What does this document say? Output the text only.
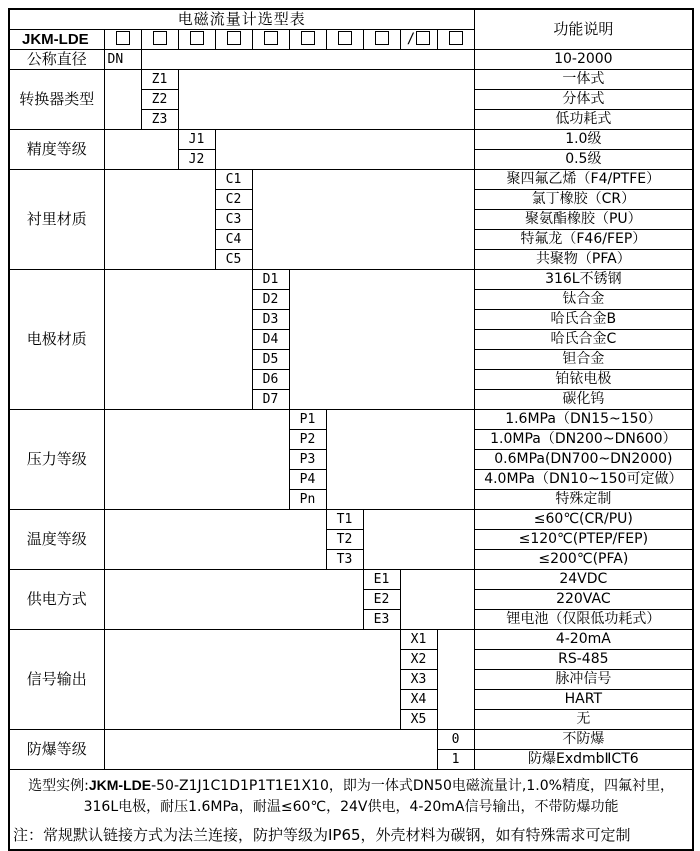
电磁流量计选型表											功能说明
JKM-LDE									/		
公称直径	DN										10-2000
转换器类型		Z1									一体式
		Z2									分体式
		Z3									低功耗式
精度等级			J1								1.0级
			J2								0.5级
衬里材质				C1							聚四氟乙烯（F4/PTFE）
				C2							氯丁橡胶（CR）
				C3							聚氨酯橡胶（PU）
				C4							特氟龙（F46/FEP）
				C5							共聚物（PFA）
电极材质					D1						316L不锈钢
					D2						钛合金
					D3						哈氏合金B
					D4						哈氏合金C
					D5						钽合金
					D6						铂铱电极
					D7						碳化钨
压力等级						P1					1.6MPa（DN15~150）
						P2					1.0MPa（DN200~DN600）
						P3					0.6MPa(DN700~DN2000)
						P4					4.0MPa（DN10~150可定做）
						Pn					特殊定制
温度等级							T1				≤60℃(CR/PU)
							T2				≤120℃(PTEP/FEP)
							T3				≤200℃(PFA)
供电方式								E1			24VDC
								E2			220VAC
								E3			锂电池（仅限低功耗式）
信号输出									X1		4-20mA
									X2		RS-485
									X3		脉冲信号
									X4		HART
									X5		无
防爆等级										0	不防爆
										1	防爆ExdmbⅡCT6

选型实例:JKM-LDE-50-Z1J1C1D1P1T1E1X10，即为一体式DN50电磁流量计,1.0%精度，四氟衬里，316L电极，耐压1.6MPa，耐温≤60℃，24V供电，4-20mA信号输出，不带防爆功能
注：常规默认链接方式为法兰连接，防护等级为IP65，外壳材料为碳钢，如有特殊需求可定制											
